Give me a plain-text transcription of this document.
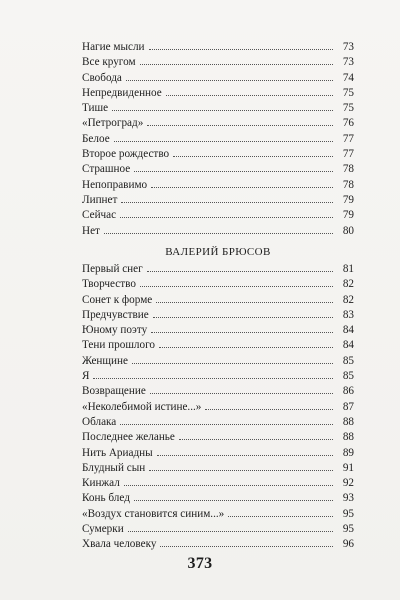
Нагие мысли	73
Все кругом	73
Свобода	74
Непредвиденное	75
Тише	75
«Петроград»	76
Белое	77
Второе рождество	77
Страшное	78
Непоправимо	78
Липнет	79
Сейчас	79
Нет	80
ВАЛЕРИЙ БРЮСОВ
Первый снег	81
Творчество	82
Сонет к форме	82
Предчувствие	83
Юному поэту	84
Тени прошлого	84
Женщине	85
Я	85
Возвращение	86
«Неколебимой истине...»	87
Облака	88
Последнее желанье	88
Нить Ариадны	89
Блудный сын	91
Кинжал	92
Конь блед	93
«Воздух становится синим...»	95
Сумерки	95
Хвала человеку	96
373
